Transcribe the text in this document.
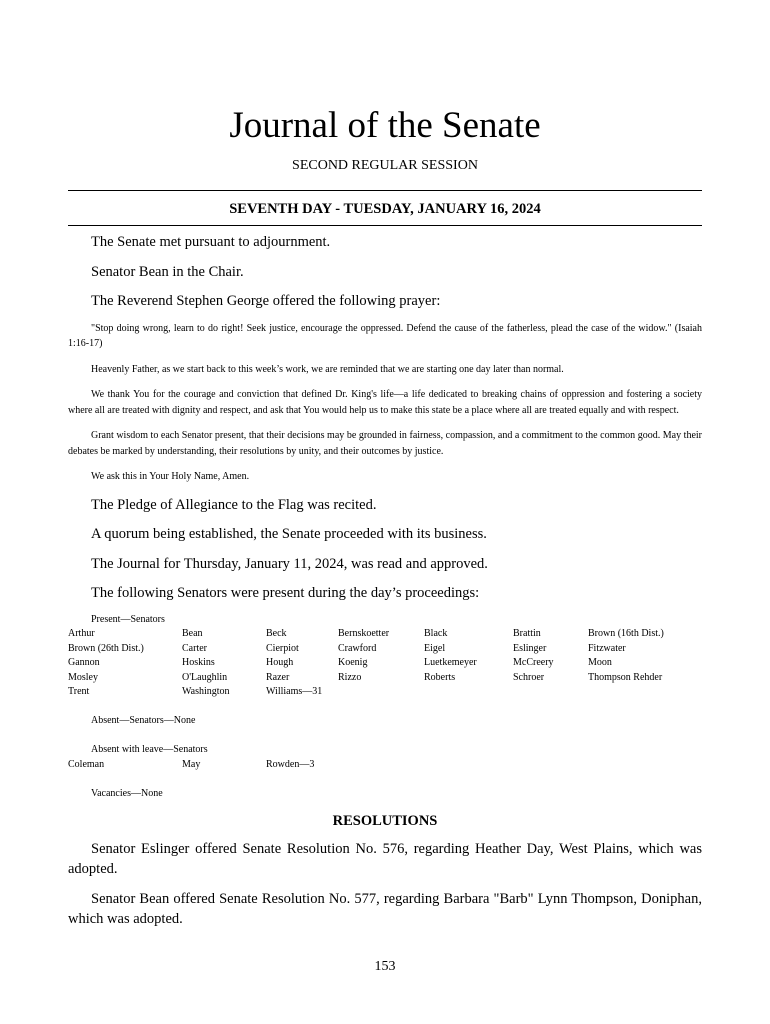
Journal of the Senate
SECOND REGULAR SESSION
SEVENTH DAY - TUESDAY, JANUARY 16, 2024

The Senate met pursuant to adjournment.

Senator Bean in the Chair.

The Reverend Stephen George offered the following prayer:

"Stop doing wrong, learn to do right! Seek justice, encourage the oppressed. Defend the cause of the fatherless, plead the case of the widow." (Isaiah 1:16-17)

Heavenly Father, as we start back to this week’s work, we are reminded that we are starting one day later than normal.

We thank You for the courage and conviction that defined Dr. King's life—a life dedicated to breaking chains of oppression and fostering a society where all are treated with dignity and respect, and ask that You would help us to make this state be a place where all are treated equally and with respect.

Grant wisdom to each Senator present, that their decisions may be grounded in fairness, compassion, and a commitment to the common good. May their debates be marked by understanding, their resolutions by unity, and their outcomes by justice.

We ask this in Your Holy Name, Amen.

The Pledge of Allegiance to the Flag was recited.

A quorum being established, the Senate proceeded with its business.

The Journal for Thursday, January 11, 2024, was read and approved.

The following Senators were present during the day’s proceedings:

Present—Senators
Arthur	Bean	Beck	Bernskoetter	Black	Brattin	Brown (16th Dist.)
Brown (26th Dist.)	Carter	Cierpiot	Crawford	Eigel	Eslinger	Fitzwater
Gannon	Hoskins	Hough	Koenig	Luetkemeyer	McCreery	Moon
Mosley	O'Laughlin	Razer	Rizzo	Roberts	Schroer	Thompson Rehder
Trent	Washington	Williams—31				
Absent—Senators—None
Absent with leave—Senators
Coleman	May	Rowden—3
Vacancies—None
RESOLUTIONS

Senator Eslinger offered Senate Resolution No. 576, regarding Heather Day, West Plains, which was adopted.

Senator Bean offered Senate Resolution No. 577, regarding Barbara "Barb" Lynn Thompson, Doniphan, which was adopted.

153
